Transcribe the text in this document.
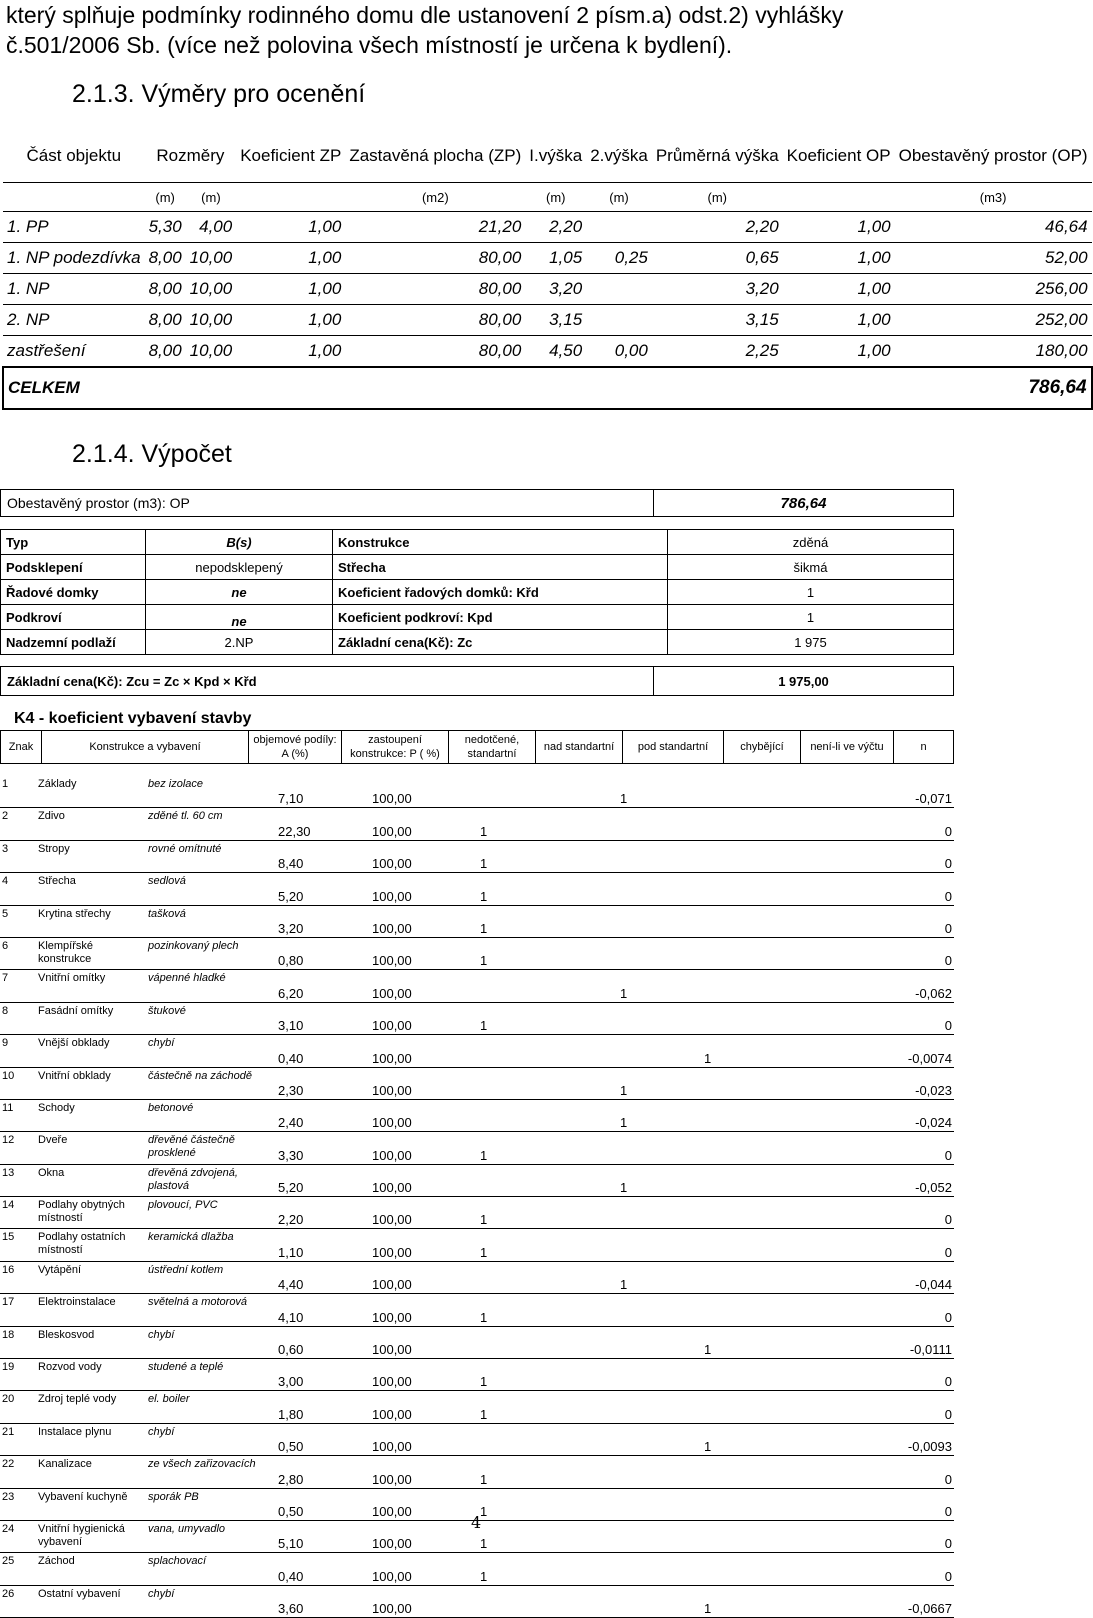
který splňuje podmínky rodinného domu dle ustanovení 2 písm.a) odst.2) vyhlášky
č.501/2006 Sb. (více než polovina všech místností je určena k bydlení).
2.1.3. Výměry pro ocenění
Část objektu	Rozměry		Koeficient ZP	Zastavěná plocha (ZP)	I.výška	2.výška	Průměrná výška	Koeficient OP	Obestavěný prostor (OP)
	(m)	(m)		(m2)	(m)	(m)	(m)		(m3)
1. PP	5,30	4,00	1,00	21,20	2,20		2,20	1,00	46,64
1. NP podezdívka	8,00	10,00	1,00	80,00	1,05	0,25	0,65	1,00	52,00
1. NP	8,00	10,00	1,00	80,00	3,20		3,20	1,00	256,00
2. NP	8,00	10,00	1,00	80,00	3,15		3,15	1,00	252,00
zastřešení	8,00	10,00	1,00	80,00	4,50	0,00	2,25	1,00	180,00
CELKEM							786,64		
2.1.4. Výpočet
Obestavěný prostor (m3): OP	786,64
Typ	B(s)	Konstrukce	zděná
Podsklepení	nepodsklepený	Střecha	šikmá
Řadové domky	ne	Koeficient řadových domků: Křd	1
Podkroví	ne	Koeficient podkroví: Kpd	1
Nadzemní podlaží	2.NP	Základní cena(Kč): Zc	1 975
Základní cena(Kč): Zcu = Zc × Kpd × Křd	1 975,00
K4 - koeficient vybavení stavby
Znak	Konstrukce a vybavení	objemové podíly: A (%)	zastoupení konstrukce: P ( %)	nedotčené, standartní	nad standartní	pod standartní	chybějící	není-li ve výčtu	n
1	Základy	bez izolace	7,10	100,00		1		-0,071
2	Zdivo	zděné tl. 60 cm	22,30	100,00	1			0
3	Stropy	rovné omítnuté	8,40	100,00	1			0
4	Střecha	sedlová	5,20	100,00	1			0
5	Krytina střechy	tašková	3,20	100,00	1			0
6	Klempířské konstrukce	pozinkovaný plech	0,80	100,00	1			0
7	Vnitřní omítky	vápenné hladké	6,20	100,00		1		-0,062
8	Fasádní omítky	štukové	3,10	100,00	1			0
9	Vnější obklady	chybí	0,40	100,00			1	-0,0074
10	Vnitřní obklady	částečně na záchodě	2,30	100,00		1		-0,023
11	Schody	betonové	2,40	100,00		1		-0,024
12	Dveře	dřevěné částečně prosklené	3,30	100,00	1			0
13	Okna	dřevěná zdvojená, plastová	5,20	100,00		1		-0,052
14	Podlahy obytných místností	plovoucí, PVC	2,20	100,00	1			0
15	Podlahy ostatních místností	keramická dlažba	1,10	100,00	1			0
16	Vytápění	ústřední kotlem	4,40	100,00		1		-0,044
17	Elektroinstalace	světelná a motorová	4,10	100,00	1			0
18	Bleskosvod	chybí	0,60	100,00			1	-0,0111
19	Rozvod vody	studené a teplé	3,00	100,00	1			0
20	Zdroj teplé vody	el. boiler	1,80	100,00	1			0
21	Instalace plynu	chybí	0,50	100,00			1	-0,0093
22	Kanalizace	ze všech zařizovacích	2,80	100,00	1			0
23	Vybavení kuchyně	sporák PB	0,50	100,00	1			0
24	Vnitřní hygienická vybavení	vana, umyvadlo	5,10	100,00	1			0
25	Záchod	splachovací	0,40	100,00	1			0
26	Ostatní vybavení	chybí	3,60	100,00			1	-0,0667
4
